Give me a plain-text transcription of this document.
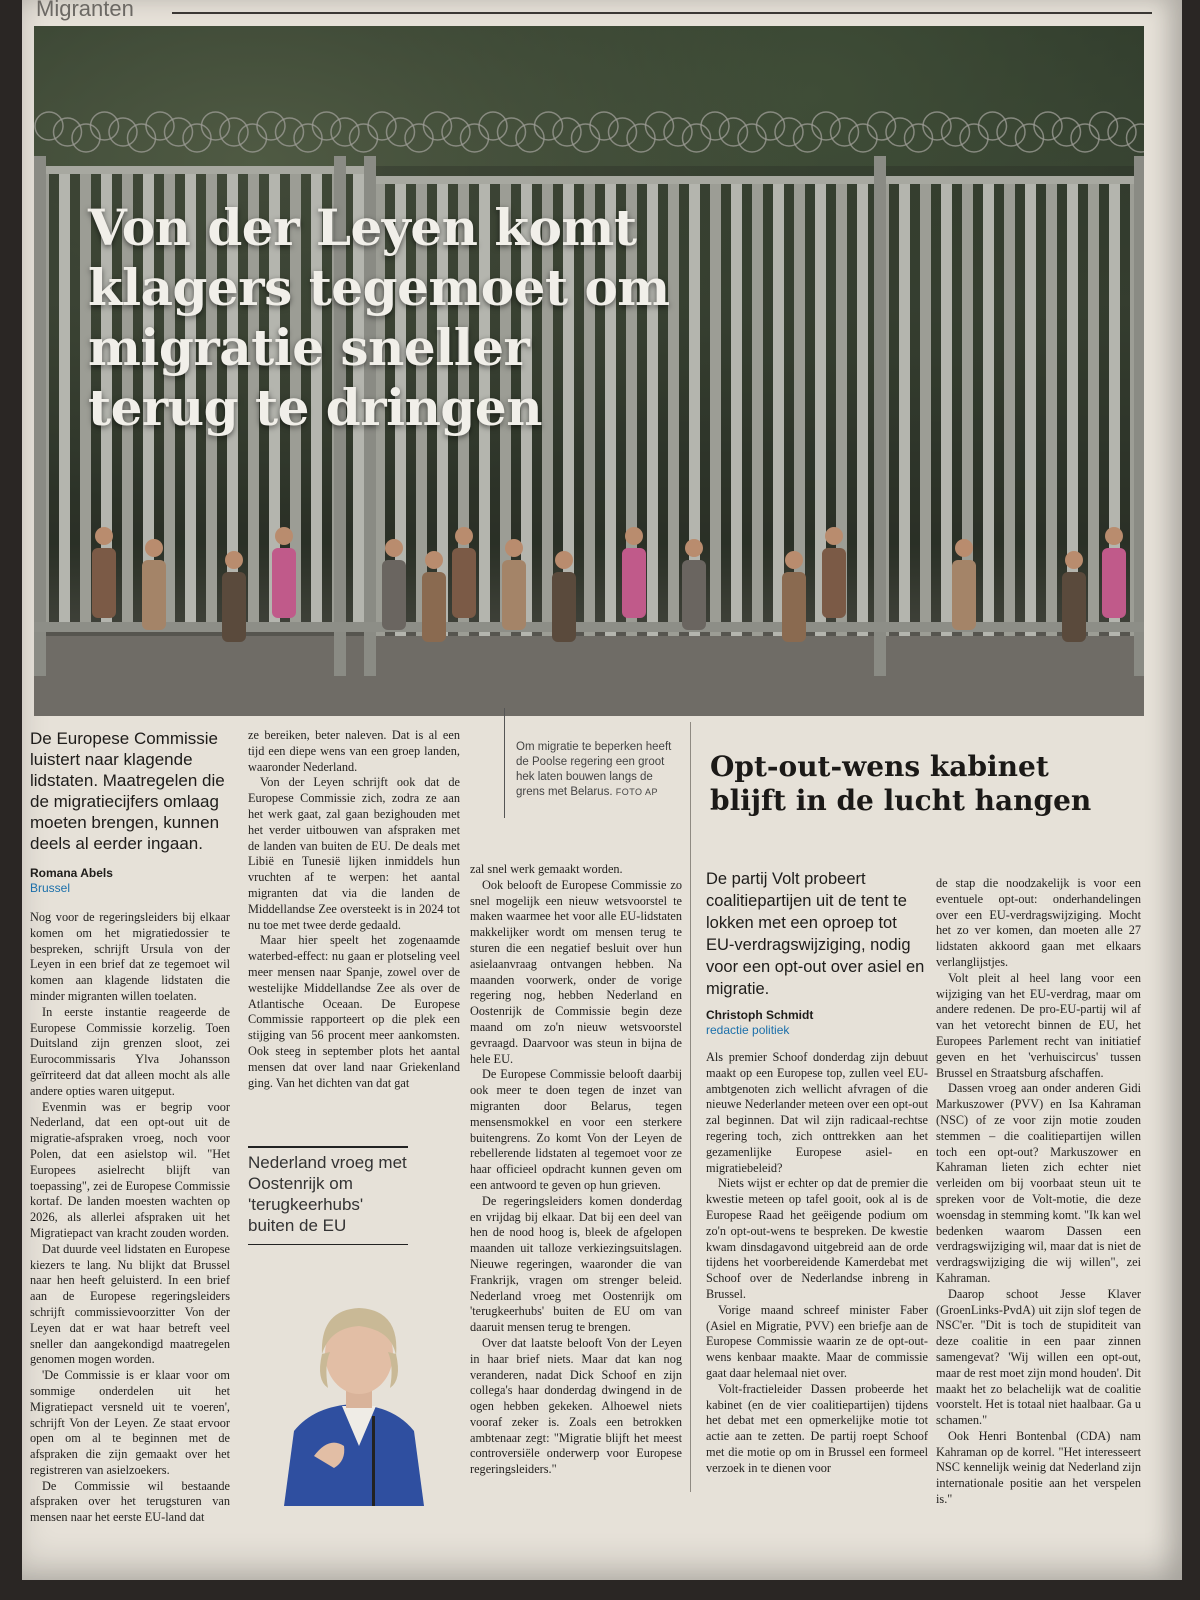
Migranten
Von der Leyen komt klagers tegemoet om migratie sneller terug te dringen
De Europese Commissie luistert naar klagende lidstaten. Maatregelen die de migratiecijfers omlaag moeten brengen, kunnen deels al eerder ingaan.
Romana Abels
Brussel

Nog voor de regeringsleiders bij elkaar komen om het migratiedossier te bespreken, schrijft Ursula von der Leyen in een brief dat ze tegemoet wil komen aan klagende lidstaten die minder migranten willen toelaten.

In eerste instantie reageerde de Europese Commissie korzelig. Toen Duitsland zijn grenzen sloot, zei Eurocommissaris Ylva Johansson geïrriteerd dat dat alleen mocht als alle andere opties waren uitgeput.

Evenmin was er begrip voor Nederland, dat een opt-out uit de migratie-afspraken vroeg, noch voor Polen, dat een asielstop wil. "Het Europees asielrecht blijft van toepassing", zei de Europese Commissie kortaf. De landen moesten wachten op 2026, als allerlei afspraken uit het Migratiepact van kracht zouden worden.

Dat duurde veel lidstaten en Europese kiezers te lang. Nu blijkt dat Brussel naar hen heeft geluisterd. In een brief aan de Europese regeringsleiders schrijft commissievoorzitter Von der Leyen dat er wat haar betreft veel sneller dan aangekondigd maatregelen genomen mogen worden.

'De Commissie is er klaar voor om sommige onderdelen uit het Migratiepact versneld uit te voeren', schrijft Von der Leyen. Ze staat ervoor open om al te beginnen met de afspraken die zijn gemaakt over het registreren van asielzoekers.

De Commissie wil bestaande afspraken over het terugsturen van mensen naar het eerste EU-land dat

ze bereiken, beter naleven. Dat is al een tijd een diepe wens van een groep landen, waaronder Nederland.

Von der Leyen schrijft ook dat de Europese Commissie zich, zodra ze aan het werk gaat, zal gaan bezighouden met het verder uitbouwen van afspraken met de landen van buiten de EU. De deals met Libië en Tunesië lijken inmiddels hun vruchten af te werpen: het aantal migranten dat via die landen de Middellandse Zee oversteekt is in 2024 tot nu toe met twee derde gedaald.

Maar hier speelt het zogenaamde waterbed-effect: nu gaan er plotseling veel meer mensen naar Spanje, zowel over de westelijke Middellandse Zee als over de Atlantische Oceaan. De Europese Commissie rapporteert op die plek een stijging van 56 procent meer aankomsten. Ook steeg in september plots het aantal mensen dat over land naar Griekenland ging. Van het dichten van dat gat

Nederland vroeg met Oostenrijk om 'terugkeerhubs' buiten de EU
Om migratie te beperken heeft de Poolse regering een groot hek laten bouwen langs de grens met Belarus. FOTO AP

zal snel werk gemaakt worden.

Ook belooft de Europese Commissie zo snel mogelijk een nieuw wetsvoorstel te maken waarmee het voor alle EU-lidstaten makkelijker wordt om mensen terug te sturen die een negatief besluit over hun asielaanvraag ontvangen hebben. Na maanden voorwerk, onder de vorige regering nog, hebben Nederland en Oostenrijk de Commissie begin deze maand om zo'n nieuw wetsvoorstel gevraagd. Daarvoor was steun in bijna de hele EU.

De Europese Commissie belooft daarbij ook meer te doen tegen de inzet van migranten door Belarus, tegen mensensmokkel en voor een sterkere buitengrens. Zo komt Von der Leyen de rebellerende lidstaten al tegemoet voor ze haar officieel opdracht kunnen geven om een antwoord te geven op hun grieven.

De regeringsleiders komen donderdag en vrijdag bij elkaar. Dat bij een deel van hen de nood hoog is, bleek de afgelopen maanden uit talloze verkiezingsuitslagen. Nieuwe regeringen, waaronder die van Frankrijk, vragen om strenger beleid. Nederland vroeg met Oostenrijk om 'terugkeerhubs' buiten de EU om van daaruit mensen terug te brengen.

Over dat laatste belooft Von der Leyen in haar brief niets. Maar dat kan nog veranderen, nadat Dick Schoof en zijn collega's haar donderdag dwingend in de ogen hebben gekeken. Alhoewel niets vooraf zeker is. Zoals een betrokken ambtenaar zegt: "Migratie blijft het meest controversiële onderwerp voor Europese regeringsleiders."

Opt-out-wens kabinet blijft in de lucht hangen
De partij Volt probeert coalitiepartijen uit de tent te lokken met een oproep tot EU-verdragswijziging, nodig voor een opt-out over asiel en migratie.
Christoph Schmidt
redactie politiek

Als premier Schoof donderdag zijn debuut maakt op een Europese top, zullen veel EU-ambtgenoten zich wellicht afvragen of die nieuwe Nederlander meteen over een opt-out zal beginnen. Dat wil zijn radicaal-rechtse regering toch, zich onttrekken aan het gezamenlijke Europese asiel- en migratiebeleid?

Niets wijst er echter op dat de premier die kwestie meteen op tafel gooit, ook al is de Europese Raad het geëigende podium om zo'n opt-out-wens te bespreken. De kwestie kwam dinsdagavond uitgebreid aan de orde tijdens het voorbereidende Kamerdebat met Schoof over de Nederlandse inbreng in Brussel.

Vorige maand schreef minister Faber (Asiel en Migratie, PVV) een briefje aan de Europese Commissie waarin ze de opt-out-wens kenbaar maakte. Maar de commissie gaat daar helemaal niet over.

Volt-fractieleider Dassen probeerde het kabinet (en de vier coalitiepartijen) tijdens het debat met een opmerkelijke motie tot actie aan te zetten. De partij roept Schoof met die motie op om in Brussel een formeel verzoek in te dienen voor

de stap die noodzakelijk is voor een eventuele opt-out: onderhandelingen over een EU-verdragswijziging. Mocht het zo ver komen, dan moeten alle 27 lidstaten akkoord gaan met elkaars verlanglijstjes.

Volt pleit al heel lang voor een wijziging van het EU-verdrag, maar om andere redenen. De pro-EU-partij wil af van het vetorecht binnen de EU, het Europees Parlement recht van initiatief geven en het 'verhuiscircus' tussen Brussel en Straatsburg afschaffen.

Dassen vroeg aan onder anderen Gidi Markuszower (PVV) en Isa Kahraman (NSC) of ze voor zijn motie zouden stemmen – die coalitiepartijen willen toch een opt-out? Markuszower en Kahraman lieten zich echter niet verleiden om bij voorbaat steun uit te spreken voor de Volt-motie, die deze woensdag in stemming komt. "Ik kan wel bedenken waarom Dassen een verdragswijziging wil, maar dat is niet de verdragswijziging die wij willen", zei Kahraman.

Daarop schoot Jesse Klaver (GroenLinks-PvdA) uit zijn slof tegen de NSC'er. "Dit is toch de stupiditeit van deze coalitie in een paar zinnen samengevat? 'Wij willen een opt-out, maar de rest moet zijn mond houden'. Dit maakt het zo belachelijk wat de coalitie voorstelt. Het is totaal niet haalbaar. Ga u schamen."

Ook Henri Bontenbal (CDA) nam Kahraman op de korrel. "Het interesseert NSC kennelijk weinig dat Nederland zijn internationale positie aan het verspelen is."
